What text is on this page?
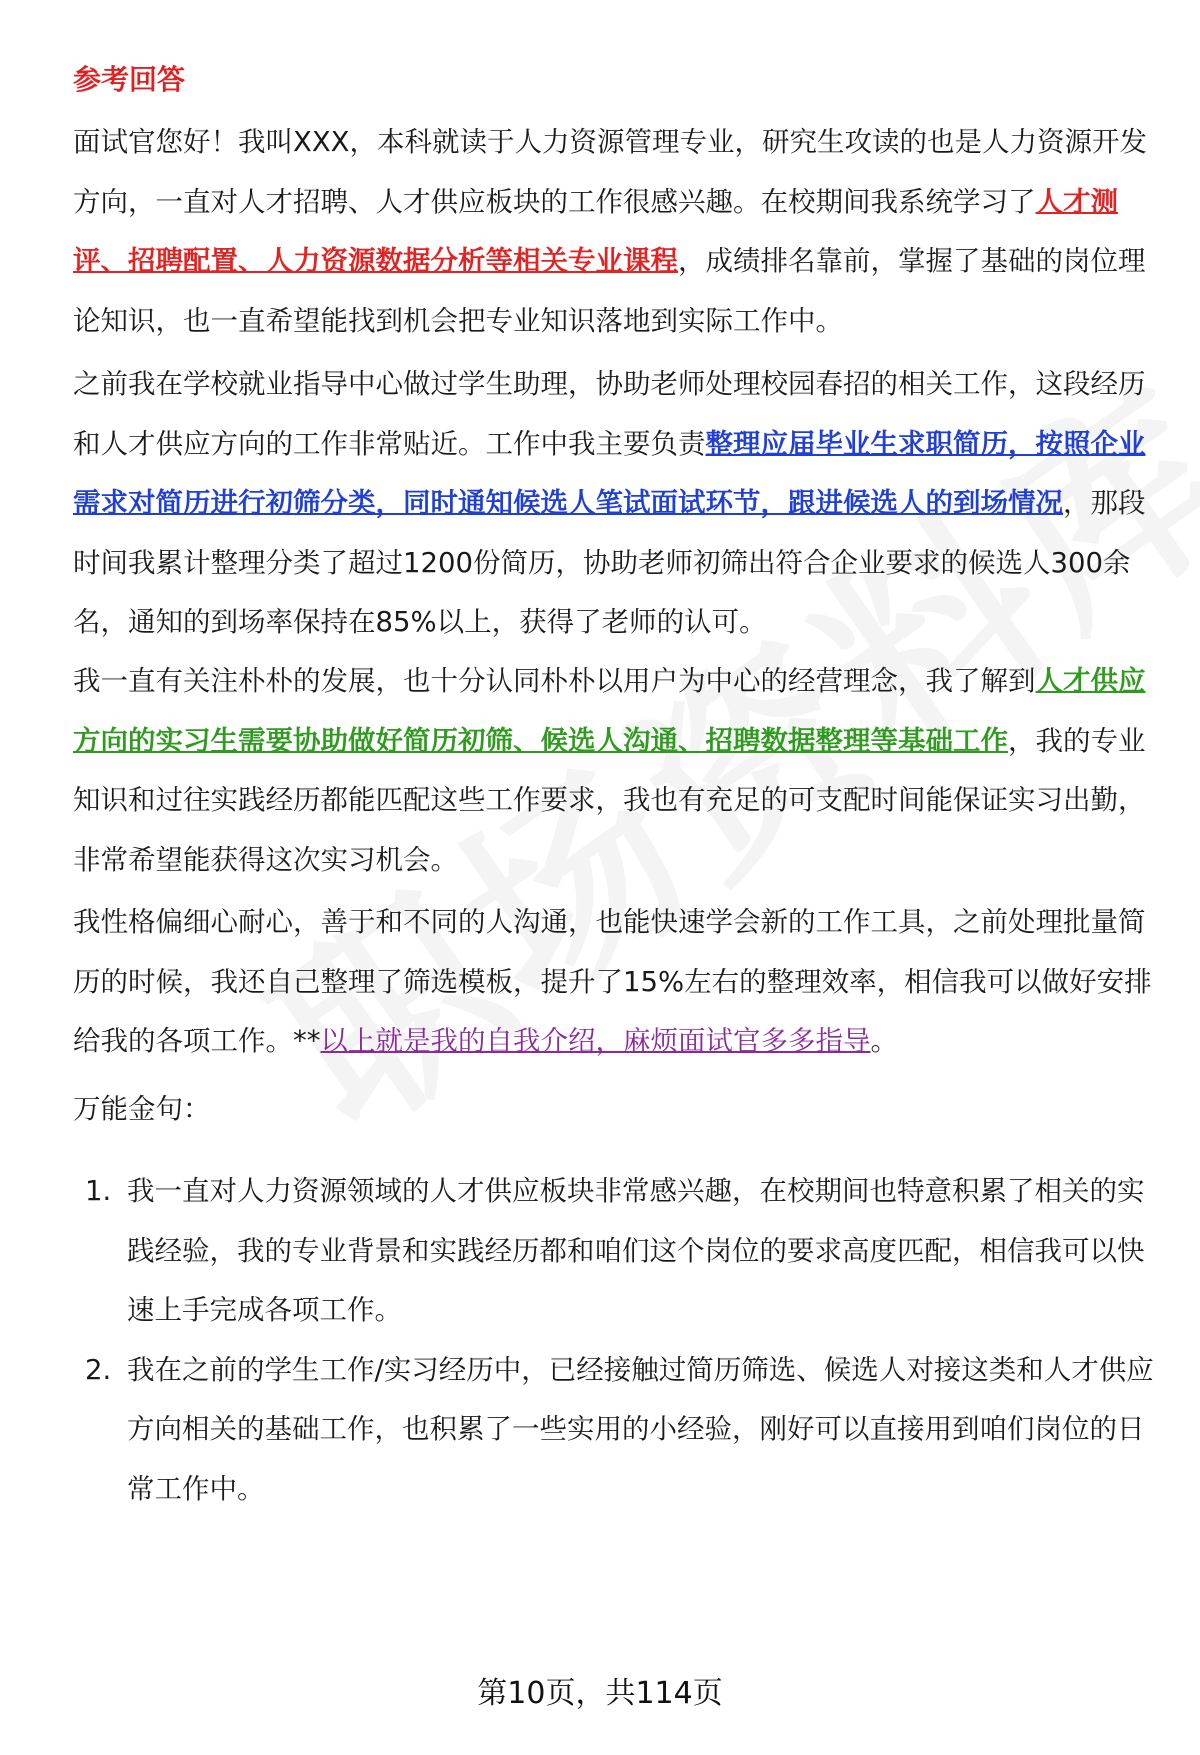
参考回答

面试官您好！我叫XXX，本科就读于人力资源管理专业，研究生攻读的也是人力资源开发方向，一直对人才招聘、人才供应板块的工作很感兴趣。在校期间我系统学习了人才测评、招聘配置、人力资源数据分析等相关专业课程，成绩排名靠前，掌握了基础的岗位理论知识，也一直希望能找到机会把专业知识落地到实际工作中。

之前我在学校就业指导中心做过学生助理，协助老师处理校园春招的相关工作，这段经历和人才供应方向的工作非常贴近。工作中我主要负责整理应届毕业生求职简历，按照企业需求对简历进行初筛分类，同时通知候选人笔试面试环节，跟进候选人的到场情况，那段时间我累计整理分类了超过1200份简历，协助老师初筛出符合企业要求的候选人300余名，通知的到场率保持在85%以上，获得了老师的认可。

我一直有关注朴朴的发展，也十分认同朴朴以用户为中心的经营理念，我了解到人才供应方向的实习生需要协助做好简历初筛、候选人沟通、招聘数据整理等基础工作，我的专业知识和过往实践经历都能匹配这些工作要求，我也有充足的可支配时间能保证实习出勤，非常希望能获得这次实习机会。

我性格偏细心耐心，善于和不同的人沟通，也能快速学会新的工作工具，之前处理批量简历的时候，我还自己整理了筛选模板，提升了15%左右的整理效率，相信我可以做好安排给我的各项工作。**以上就是我的自我介绍，麻烦面试官多多指导。

万能金句：

1. 我一直对人力资源领域的人才供应板块非常感兴趣，在校期间也特意积累了相关的实践经验，我的专业背景和实践经历都和咱们这个岗位的要求高度匹配，相信我可以快速上手完成各项工作。
2. 我在之前的学生工作/实习经历中，已经接触过简历筛选、候选人对接这类和人才供应方向相关的基础工作，也积累了一些实用的小经验，刚好可以直接用到咱们岗位的日常工作中。
第10页，共114页
